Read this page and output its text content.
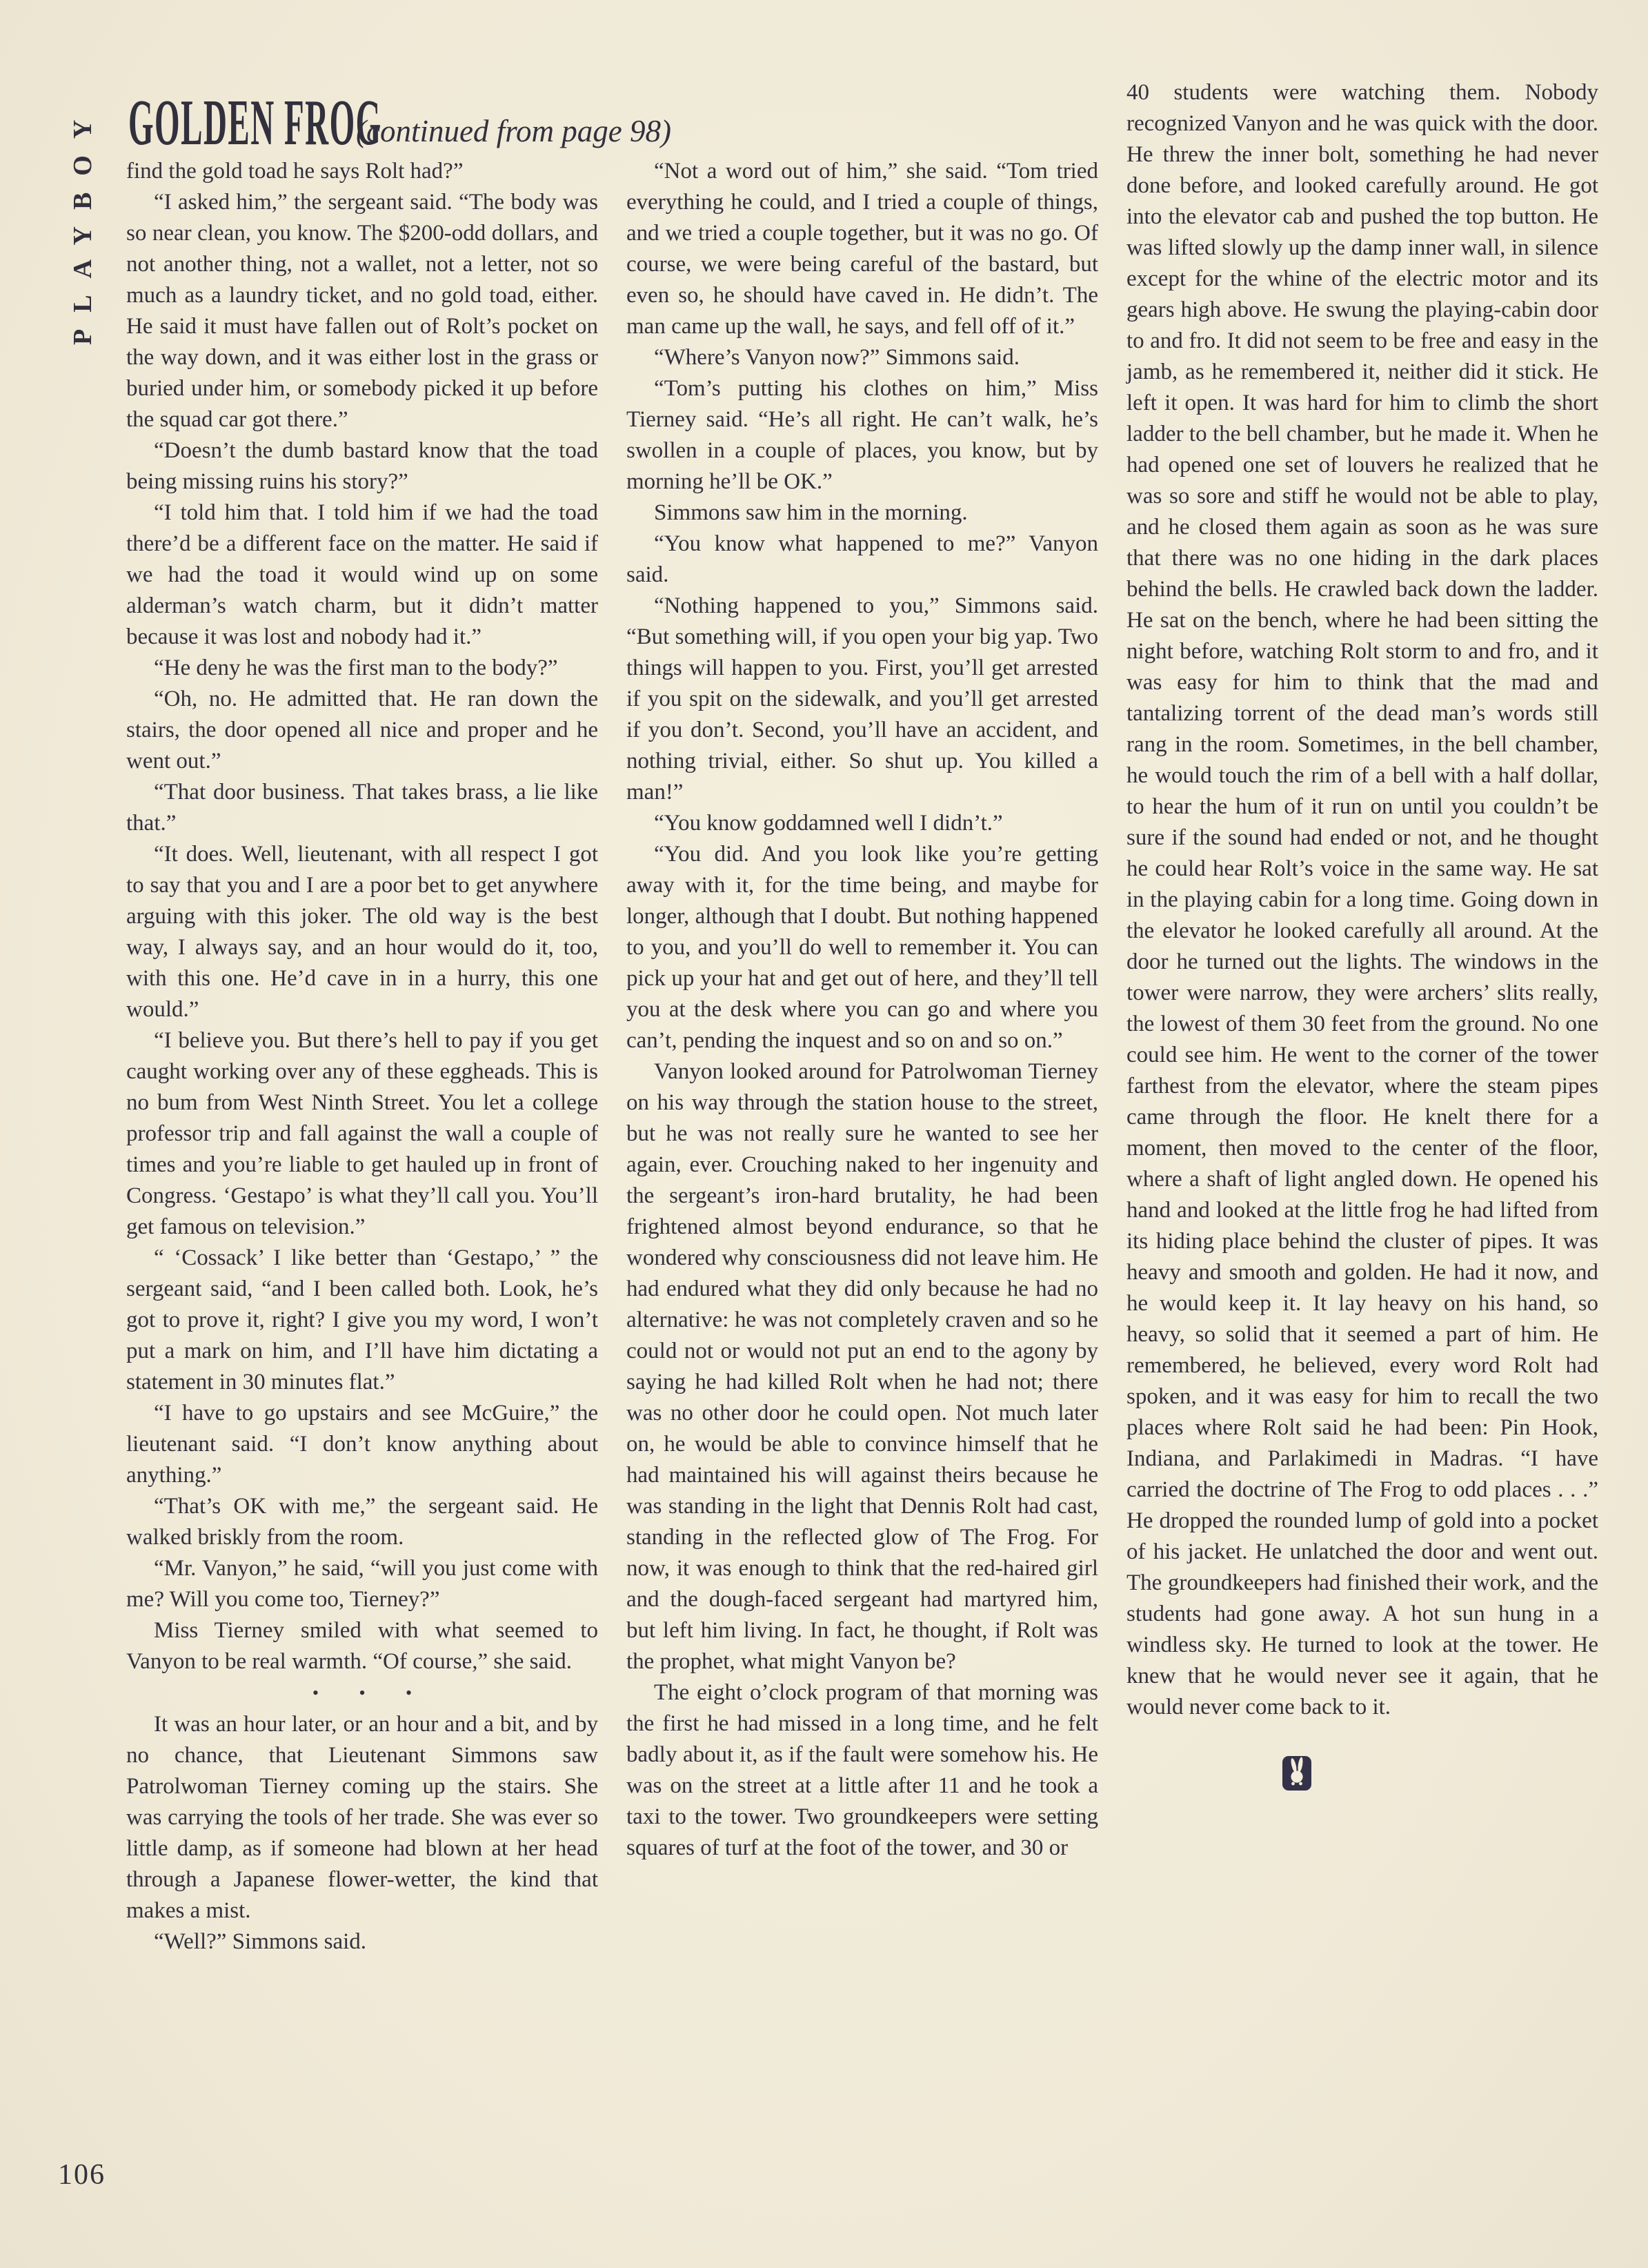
PLAYBOY GOLDEN FROG
(continued from page 98)

find the gold toad he says Rolt had?”

“I asked him,” the sergeant said. “The body was so near clean, you know. The $200-odd dollars, and not another thing, not a wallet, not a letter, not so much as a laundry ticket, and no gold toad, either. He said it must have fallen out of Rolt’s pocket on the way down, and it was either lost in the grass or buried under him, or somebody picked it up before the squad car got there.”

“Doesn’t the dumb bastard know that the toad being missing ruins his story?”

“I told him that. I told him if we had the toad there’d be a different face on the matter. He said if we had the toad it would wind up on some alderman’s watch charm, but it didn’t matter because it was lost and nobody had it.”

“He deny he was the first man to the body?”

“Oh, no. He admitted that. He ran down the stairs, the door opened all nice and proper and he went out.”

“That door business. That takes brass, a lie like that.”

“It does. Well, lieutenant, with all respect I got to say that you and I are a poor bet to get anywhere arguing with this joker. The old way is the best way, I always say, and an hour would do it, too, with this one. He’d cave in in a hurry, this one would.”

“I believe you. But there’s hell to pay if you get caught working over any of these eggheads. This is no bum from West Ninth Street. You let a college professor trip and fall against the wall a couple of times and you’re liable to get hauled up in front of Congress. ‘Gestapo’ is what they’ll call you. You’ll get famous on television.”

“ ‘Cossack’ I like better than ‘Gestapo,’ ” the sergeant said, “and I been called both. Look, he’s got to prove it, right? I give you my word, I won’t put a mark on him, and I’ll have him dictating a statement in 30 minutes flat.”

“I have to go upstairs and see McGuire,” the lieutenant said. “I don’t know anything about anything.”

“That’s OK with me,” the sergeant said. He walked briskly from the room.

“Mr. Vanyon,” he said, “will you just come with me? Will you come too, Tierney?”

Miss Tierney smiled with what seemed to Vanyon to be real warmth. “Of course,” she said.

• • •

It was an hour later, or an hour and a bit, and by no chance, that Lieutenant Simmons saw Patrolwoman Tierney coming up the stairs. She was carrying the tools of her trade. She was ever so little damp, as if someone had blown at her head through a Japanese flower-wetter, the kind that makes a mist.

“Well?” Simmons said.

“Not a word out of him,” she said. “Tom tried everything he could, and I tried a couple of things, and we tried a couple together, but it was no go. Of course, we were being careful of the bastard, but even so, he should have caved in. He didn’t. The man came up the wall, he says, and fell off of it.”

“Where’s Vanyon now?” Simmons said.

“Tom’s putting his clothes on him,” Miss Tierney said. “He’s all right. He can’t walk, he’s swollen in a couple of places, you know, but by morning he’ll be OK.”

Simmons saw him in the morning.

“You know what happened to me?” Vanyon said.

“Nothing happened to you,” Simmons said. “But something will, if you open your big yap. Two things will happen to you. First, you’ll get arrested if you spit on the sidewalk, and you’ll get arrested if you don’t. Second, you’ll have an accident, and nothing trivial, either. So shut up. You killed a man!”

“You know goddamned well I didn’t.”

“You did. And you look like you’re getting away with it, for the time being, and maybe for longer, although that I doubt. But nothing happened to you, and you’ll do well to remember it. You can pick up your hat and get out of here, and they’ll tell you at the desk where you can go and where you can’t, pending the inquest and so on and so on.”

Vanyon looked around for Patrolwoman Tierney on his way through the station house to the street, but he was not really sure he wanted to see her again, ever. Crouching naked to her ingenuity and the sergeant’s iron-hard brutality, he had been frightened almost beyond endurance, so that he wondered why consciousness did not leave him. He had endured what they did only because he had no alternative: he was not completely craven and so he could not or would not put an end to the agony by saying he had killed Rolt when he had not; there was no other door he could open. Not much later on, he would be able to convince himself that he had maintained his will against theirs because he was standing in the light that Dennis Rolt had cast, standing in the reflected glow of The Frog. For now, it was enough to think that the red-haired girl and the dough-faced sergeant had martyred him, but left him living. In fact, he thought, if Rolt was the prophet, what might Vanyon be?

The eight o’clock program of that morning was the first he had missed in a long time, and he felt badly about it, as if the fault were somehow his. He was on the street at a little after 11 and he took a taxi to the tower. Two groundkeepers were setting squares of turf at the foot of the tower, and 30 or

40 students were watching them. Nobody recognized Vanyon and he was quick with the door. He threw the inner bolt, something he had never done before, and looked carefully around. He got into the elevator cab and pushed the top button. He was lifted slowly up the damp inner wall, in silence except for the whine of the electric motor and its gears high above. He swung the playing-cabin door to and fro. It did not seem to be free and easy in the jamb, as he remembered it, neither did it stick. He left it open. It was hard for him to climb the short ladder to the bell chamber, but he made it. When he had opened one set of louvers he realized that he was so sore and stiff he would not be able to play, and he closed them again as soon as he was sure that there was no one hiding in the dark places behind the bells. He crawled back down the ladder. He sat on the bench, where he had been sitting the night before, watching Rolt storm to and fro, and it was easy for him to think that the mad and tantalizing torrent of the dead man’s words still rang in the room. Sometimes, in the bell chamber, he would touch the rim of a bell with a half dollar, to hear the hum of it run on until you couldn’t be sure if the sound had ended or not, and he thought he could hear Rolt’s voice in the same way. He sat in the playing cabin for a long time. Going down in the elevator he looked carefully all around. At the door he turned out the lights. The windows in the tower were narrow, they were archers’ slits really, the lowest of them 30 feet from the ground. No one could see him. He went to the corner of the tower farthest from the elevator, where the steam pipes came through the floor. He knelt there for a moment, then moved to the center of the floor, where a shaft of light angled down. He opened his hand and looked at the little frog he had lifted from its hiding place behind the cluster of pipes. It was heavy and smooth and golden. He had it now, and he would keep it. It lay heavy on his hand, so heavy, so solid that it seemed a part of him. He remembered, he believed, every word Rolt had spoken, and it was easy for him to recall the two places where Rolt said he had been: Pin Hook, Indiana, and Parlakimedi in Madras. “I have carried the doctrine of The Frog to odd places . . .” He dropped the rounded lump of gold into a pocket of his jacket. He unlatched the door and went out. The groundkeepers had finished their work, and the students had gone away. A hot sun hung in a windless sky. He turned to look at the tower. He knew that he would never see it again, that he would never come back to it.

106
